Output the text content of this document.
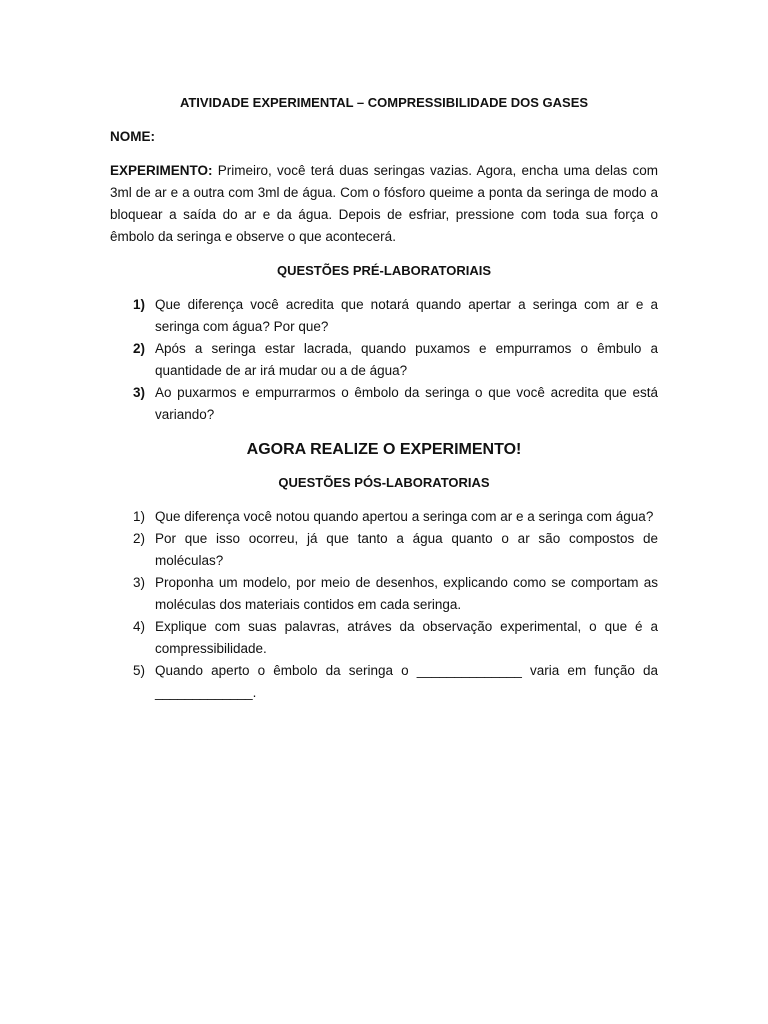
ATIVIDADE EXPERIMENTAL – COMPRESSIBILIDADE DOS GASES
NOME:

EXPERIMENTO: Primeiro, você terá duas seringas vazias. Agora, encha uma delas com 3ml de ar e a outra com 3ml de água. Com o fósforo queime a ponta da seringa de modo a bloquear a saída do ar e da água. Depois de esfriar, pressione com toda sua força o êmbolo da seringa e observe o que acontecerá.

QUESTÕES PRÉ-LABORATORIAIS
1) Que diferença você acredita que notará quando apertar a seringa com ar e a seringa com água? Por que?
2) Após a seringa estar lacrada, quando puxamos e empurramos o êmbulo a quantidade de ar irá mudar ou a de água?
3) Ao puxarmos e empurrarmos o êmbolo da seringa o que você acredita que está variando?
AGORA REALIZE O EXPERIMENTO!
QUESTÕES PÓS-LABORATORIAS
1) Que diferença você notou quando apertou a seringa com ar e a seringa com água?
2) Por que isso ocorreu, já que tanto a água quanto o ar são compostos de moléculas?
3) Proponha um modelo, por meio de desenhos, explicando como se comportam as moléculas dos materiais contidos em cada seringa.
4) Explique com suas palavras, atráves da observação experimental, o que é a compressibilidade.
5) Quando aperto o êmbolo da seringa o ______________ varia em função da _____________.
